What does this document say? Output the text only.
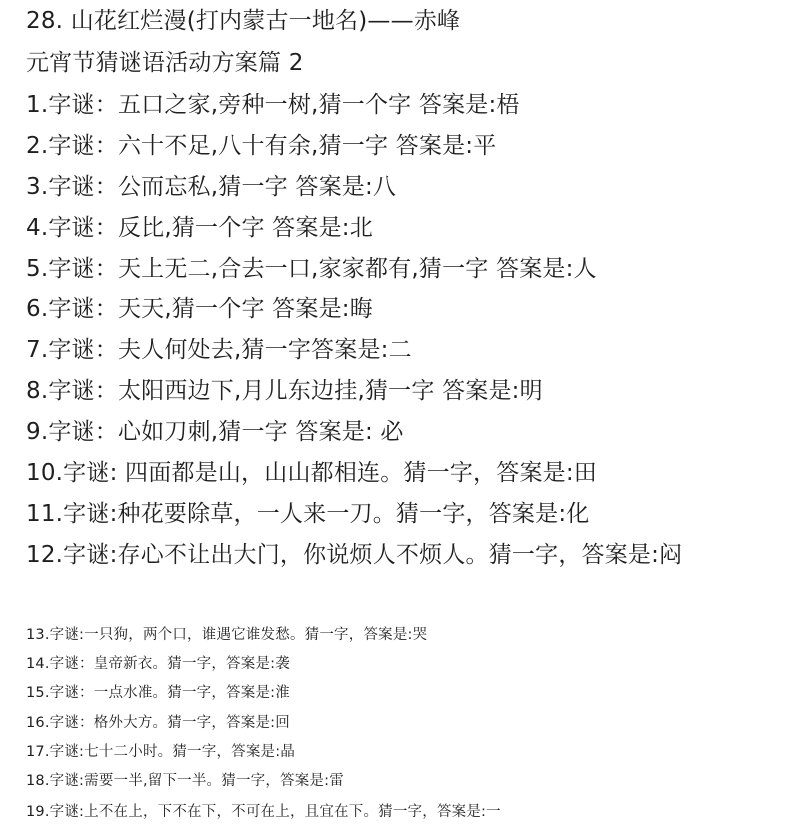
28. 山花红烂漫(打内蒙古一地名)——赤峰
元宵节猜谜语活动方案篇 2
1.字谜：五口之家,旁种一树,猜一个字 答案是:梧
2.字谜：六十不足,八十有余,猜一字 答案是:平
3.字谜：公而忘私,猜一字 答案是:八
4.字谜：反比,猜一个字 答案是:北
5.字谜：天上无二,合去一口,家家都有,猜一字 答案是:人
6.字谜：天天,猜一个字 答案是:晦
7.字谜：夫人何处去,猜一字答案是:二
8.字谜：太阳西边下,月儿东边挂,猜一字 答案是:明
9.字谜：心如刀刺,猜一字 答案是: 必
10.字谜: 四面都是山，山山都相连。猜一字，答案是:田
11.字谜:种花要除草，一人来一刀。猜一字，答案是:化
12.字谜:存心不让出大门，你说烦人不烦人。猜一字，答案是:闷
13.字谜:一只狗，两个口，谁遇它谁发愁。猜一字，答案是:哭
14.字谜：皇帝新衣。猜一字，答案是:袭
15.字谜：一点水准。猜一字，答案是:淮
16.字谜：格外大方。猜一字，答案是:回
17.字谜:七十二小时。猜一字，答案是:晶
18.字谜:需要一半,留下一半。猜一字，答案是:雷
19.字谜:上不在上，下不在下，不可在上，且宜在下。猜一字，答案是:一
